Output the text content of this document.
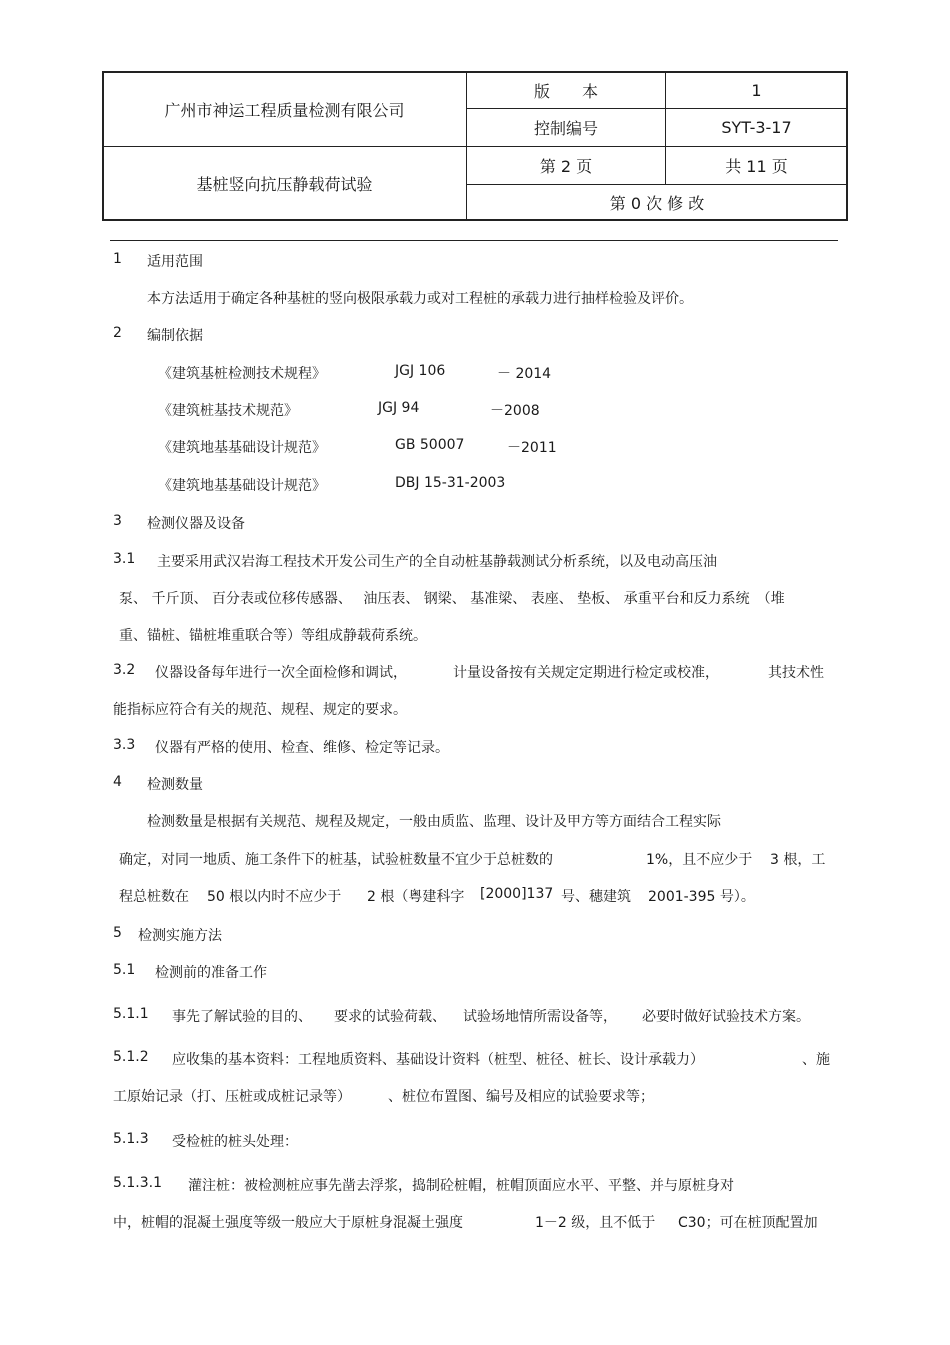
广州市神运工程质量检测有限公司
基桩竖向抗压静载荷试验
版　　本	1
控制编号	SYT-3-17
第 2 页	共 11 页
第 0 次 修 改
1 适用范围
本方法适用于确定各种基桩的竖向极限承载力或对工程桩的承载力进行抽样检验及评价。
2 编制依据
《建筑基桩检测技术规程》	JGJ 106	－ 2014
《建筑桩基技术规范》	JGJ 94	－2008
《建筑地基基础设计规范》	GB 50007	－2011
《建筑地基基础设计规范》	DBJ 15-31-2003
3 检测仪器及设备
3.1 主要采用武汉岩海工程技术开发公司生产的全自动桩基静载测试分析系统，以及电动高压油
泵、 千斤顶、 百分表或位移传感器、　 油压表、 钢梁、 基准梁、 表座、 垫板、 承重平台和反力系统　（堆
重、锚桩、锚桩堆重联合等）等组成静载荷系统。
3.2 仪器设备每年进行一次全面检修和调试，	计量设备按有关规定定期进行检定或校准，	其技术性
能指标应符合有关的规范、规程、规定的要求。
3.3 仪器有严格的使用、检查、维修、检定等记录。
4 检测数量
检测数量是根据有关规范、规程及规定，一般由质监、监理、设计及甲方等方面结合工程实际
确定，对同一地质、施工条件下的桩基，试验桩数量不宜少于总桩数的	1%，且不应少于 3 根，工
程总桩数在 50 根以内时不应少于 2 根（粤建科字 [2000]137 号、穗建筑 2001-395 号）。
5 检测实施方法
5.1 检测前的准备工作
5.1.1 事先了解试验的目的、 要求的试验荷载、 试验场地情所需设备等， 必要时做好试验技术方案。
5.1.2 应收集的基本资料：工程地质资料、基础设计资料（桩型、桩径、桩长、设计承载力）	、施
工原始记录（打、压桩或成桩记录等）	、桩位布置图、编号及相应的试验要求等；
5.1.3 受检桩的桩头处理：
5.1.3.1 灌注桩：被检测桩应事先凿去浮浆，捣制砼桩帽，桩帽顶面应水平、平整、并与原桩身对
中，桩帽的混凝土强度等级一般应大于原桩身混凝土强度	1－2 级，且不低于 C30；可在桩顶配置加
